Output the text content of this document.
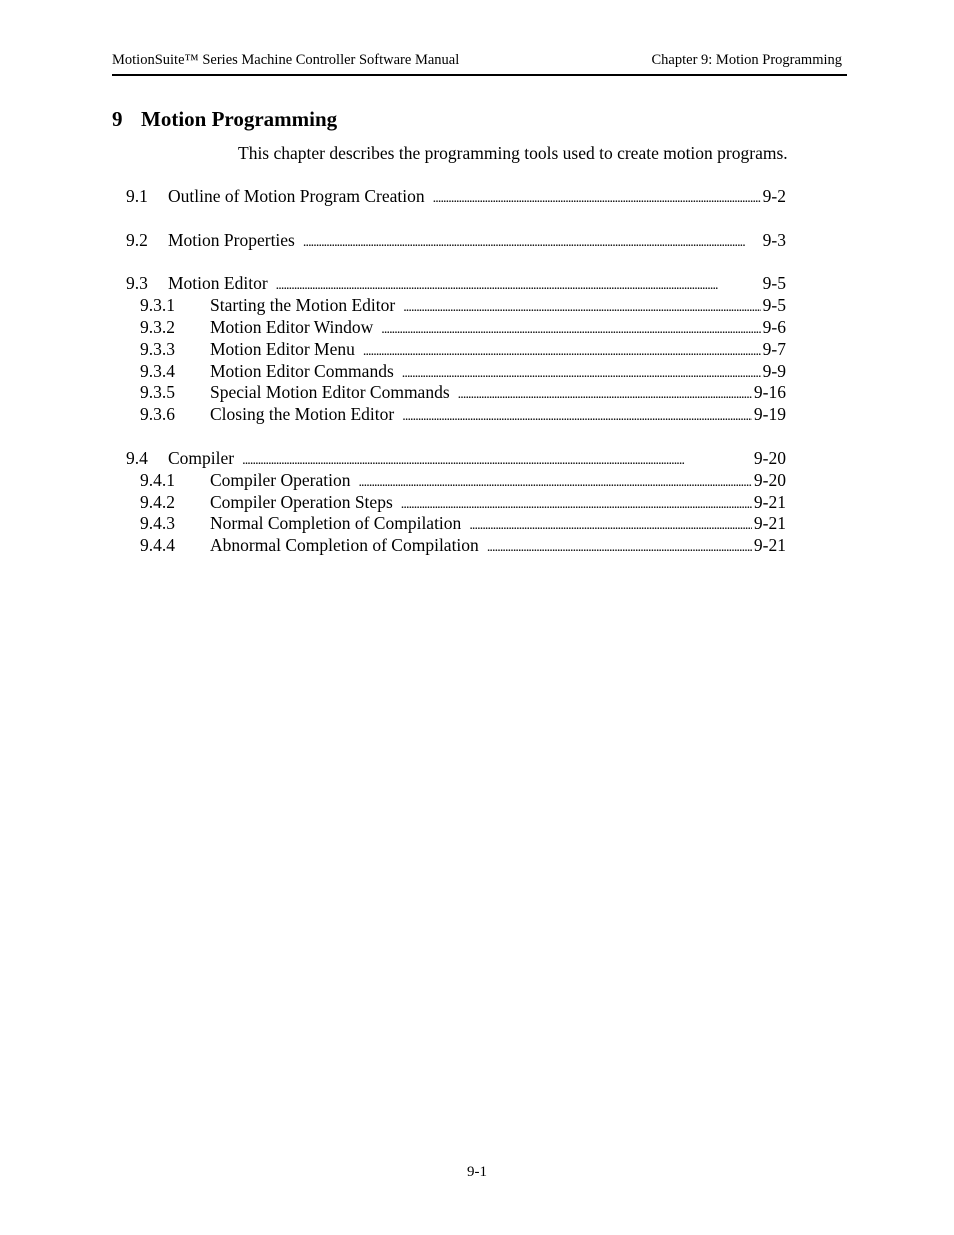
MotionSuite™ Series Machine Controller Software Manual	Chapter 9: Motion Programming
9 Motion Programming
This chapter describes the programming tools used to create motion programs.
9.1 Outline of Motion Program Creation . . .	9-2
9.2 Motion Properties . . .	9-3
9.3 Motion Editor . . .	9-5
9.3.1 Starting the Motion Editor . . .	9-5
9.3.2 Motion Editor Window . . .	9-6
9.3.3 Motion Editor Menu . . .	9-7
9.3.4 Motion Editor Commands . . .	9-9
9.3.5 Special Motion Editor Commands . . .	9-16
9.3.6 Closing the Motion Editor . . .	9-19
9.4 Compiler . . .	9-20
9.4.1 Compiler Operation . . .	9-20
9.4.2 Compiler Operation Steps . . .	9-21
9.4.3 Normal Completion of Compilation . . .	9-21
9.4.4 Abnormal Completion of Compilation . . .	9-21
9-1
